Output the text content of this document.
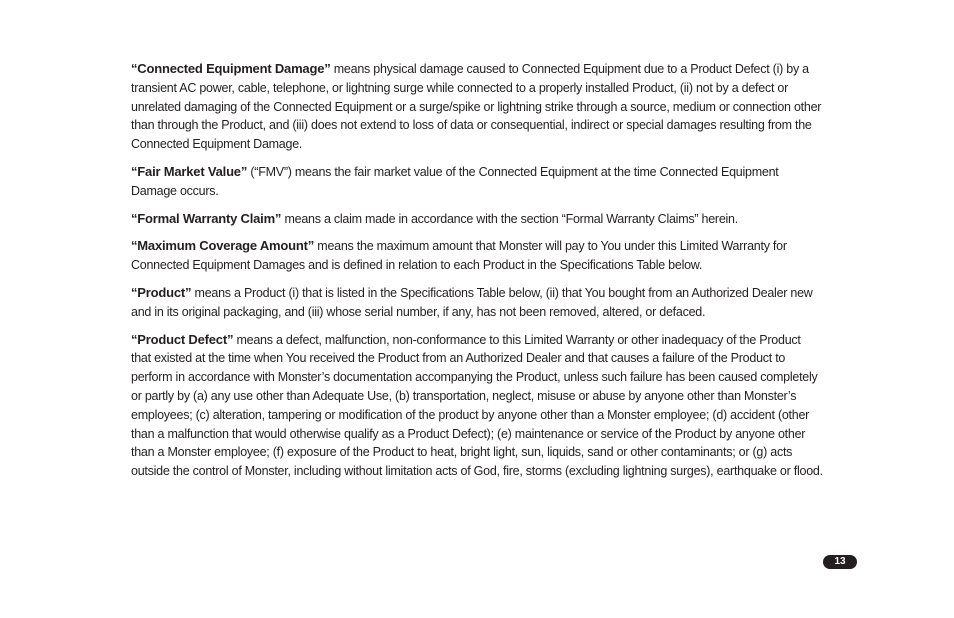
“Connected Equipment Damage” means physical damage caused to Connected Equipment due to a Product Defect (i) by a transient AC power, cable, telephone, or lightning surge while connected to a properly installed Product, (ii) not by a defect or unrelated damaging of the Connected Equipment or a surge/spike or lightning strike through a source, medium or connection other than through the Product, and (iii) does not extend to loss of data or consequential, indirect or special damages resulting from the Connected Equipment Damage.

“Fair Market Value” (“FMV”) means the fair market value of the Connected Equipment at the time Connected Equipment Damage occurs.

“Formal Warranty Claim” means a claim made in accordance with the section “Formal Warranty Claims” herein.

“Maximum Coverage Amount” means the maximum amount that Monster will pay to You under this Limited Warranty for Connected Equipment Damages and is defined in relation to each Product in the Specifications Table below.

“Product” means a Product (i) that is listed in the Specifications Table below, (ii) that You bought from an Authorized Dealer new and in its original packaging, and (iii) whose serial number, if any, has not been removed, altered, or defaced.

“Product Defect” means a defect, malfunction, non-conformance to this Limited Warranty or other inadequacy of the Product that existed at the time when You received the Product from an Authorized Dealer and that causes a failure of the Product to perform in accordance with Monster’s documentation accompanying the Product, unless such failure has been caused completely or partly by (a) any use other than Adequate Use, (b) transportation, neglect, misuse or abuse by anyone other than Monster’s employees; (c) alteration, tampering or modification of the product by anyone other than a Monster employee; (d) accident (other than a malfunction that would otherwise qualify as a Product Defect); (e) maintenance or service of the Product by anyone other than a Monster employee; (f) exposure of the Product to heat, bright light, sun, liquids, sand or other contaminants; or (g) acts outside the control of Monster, including without limitation acts of God, fire, storms (excluding lightning surges), earthquake or flood.

13
